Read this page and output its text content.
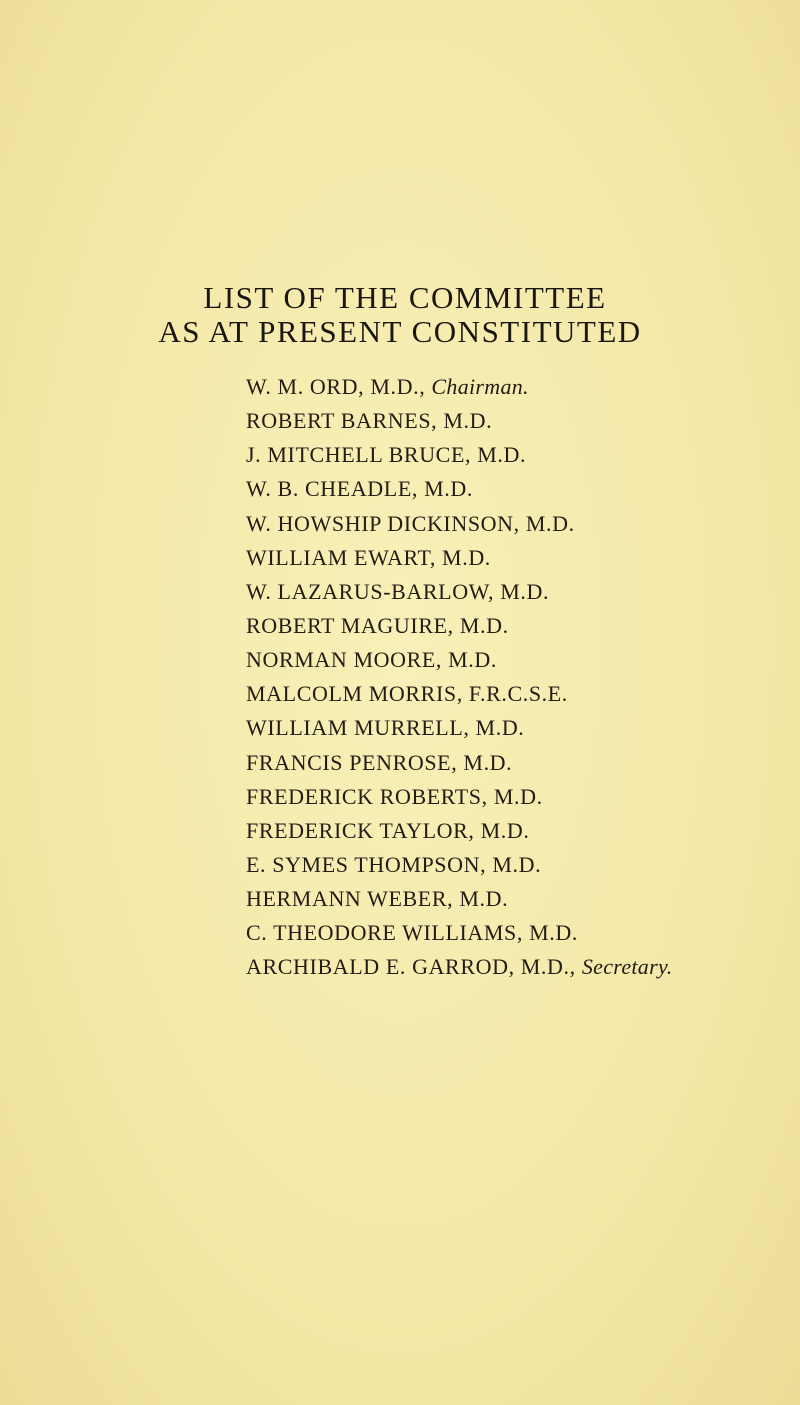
LIST OF THE COMMITTEE
AS AT PRESENT CONSTITUTED
W. M. ORD, M.D., Chairman.
ROBERT BARNES, M.D.
J. MITCHELL BRUCE, M.D.
W. B. CHEADLE, M.D.
W. HOWSHIP DICKINSON, M.D.
WILLIAM EWART, M.D.
W. LAZARUS-BARLOW, M.D.
ROBERT MAGUIRE, M.D.
NORMAN MOORE, M.D.
MALCOLM MORRIS, F.R.C.S.E.
WILLIAM MURRELL, M.D.
FRANCIS PENROSE, M.D.
FREDERICK ROBERTS, M.D.
FREDERICK TAYLOR, M.D.
E. SYMES THOMPSON, M.D.
HERMANN WEBER, M.D.
C. THEODORE WILLIAMS, M.D.
ARCHIBALD E. GARROD, M.D., Secretary.
